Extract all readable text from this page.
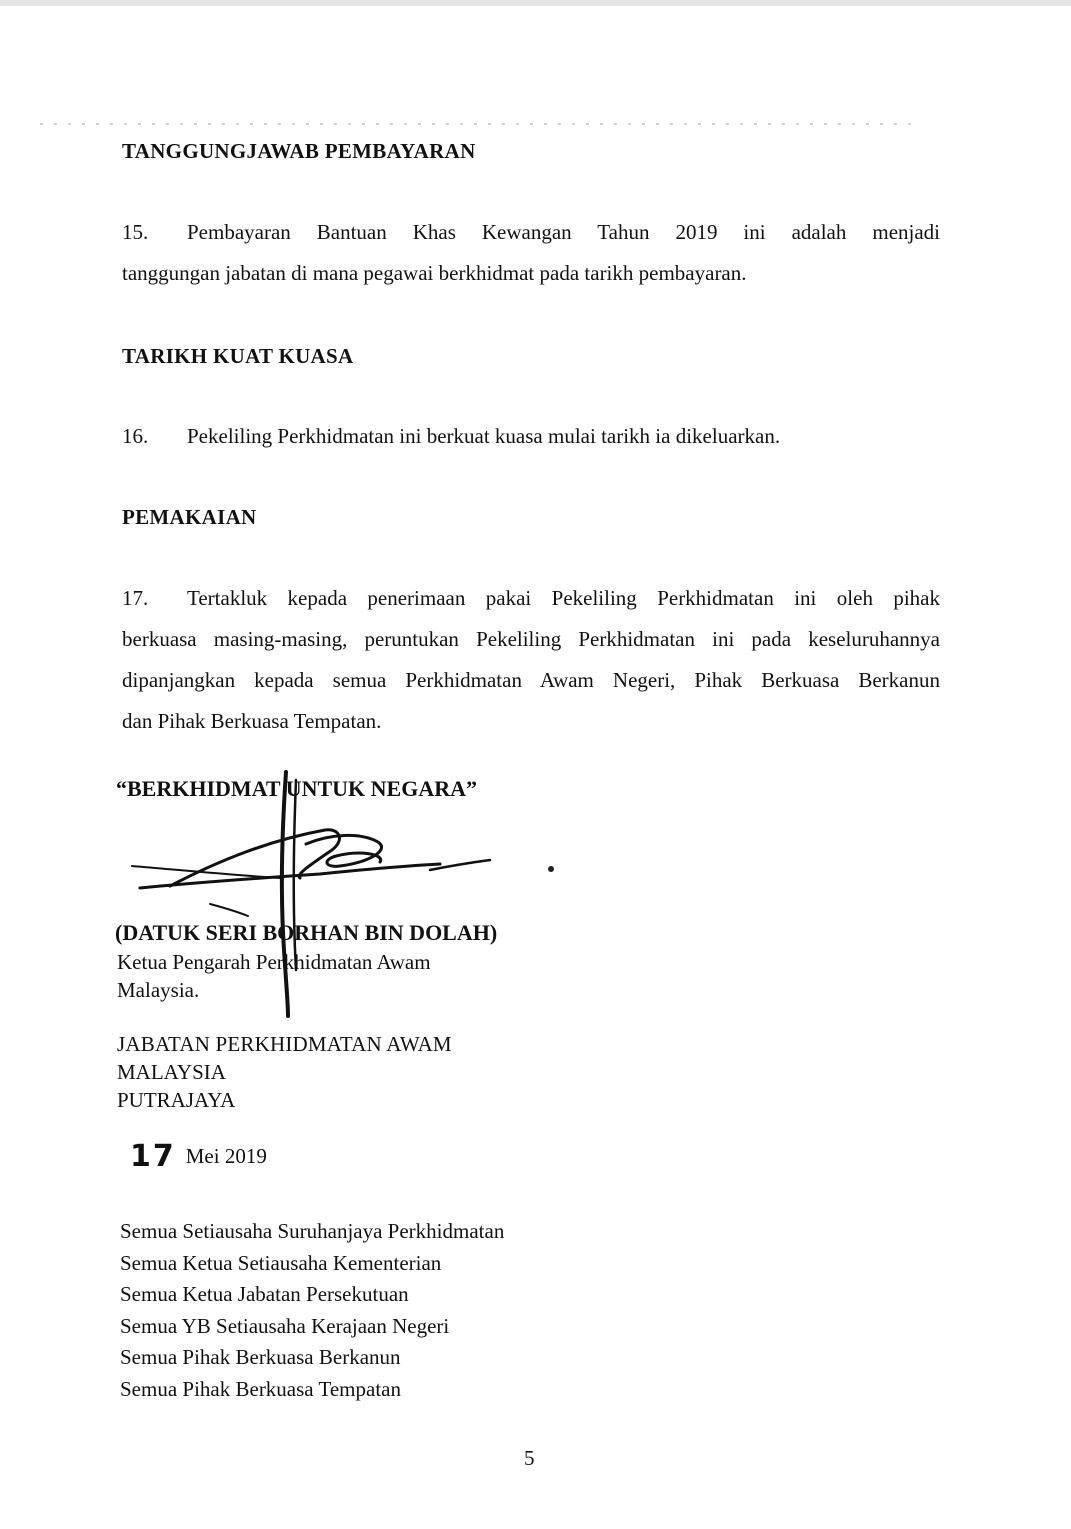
TANGGUNGJAWAB PEMBAYARAN
15. Pembayaran Bantuan Khas Kewangan Tahun 2019 ini adalah menjadi
tanggungan jabatan di mana pegawai berkhidmat pada tarikh pembayaran.
TARIKH KUAT KUASA
16. Pekeliling Perkhidmatan ini berkuat kuasa mulai tarikh ia dikeluarkan.
PEMAKAIAN
17. Tertakluk kepada penerimaan pakai Pekeliling Perkhidmatan ini oleh pihak
berkuasa masing-masing, peruntukan Pekeliling Perkhidmatan ini pada keseluruhannya
dipanjangkan kepada semua Perkhidmatan Awam Negeri, Pihak Berkuasa Berkanun
dan Pihak Berkuasa Tempatan.

“BERKHIDMAT UNTUK NEGARA”

(DATUK SERI BORHAN BIN DOLAH)

Ketua Pengarah Perkhidmatan Awam

Malaysia.

JABATAN PERKHIDMATAN AWAM

MALAYSIA

PUTRAJAYA

17 Mei 2019
Semua Setiausaha Suruhanjaya Perkhidmatan
Semua Ketua Setiausaha Kementerian
Semua Ketua Jabatan Persekutuan
Semua YB Setiausaha Kerajaan Negeri
Semua Pihak Berkuasa Berkanun
Semua Pihak Berkuasa Tempatan
5
